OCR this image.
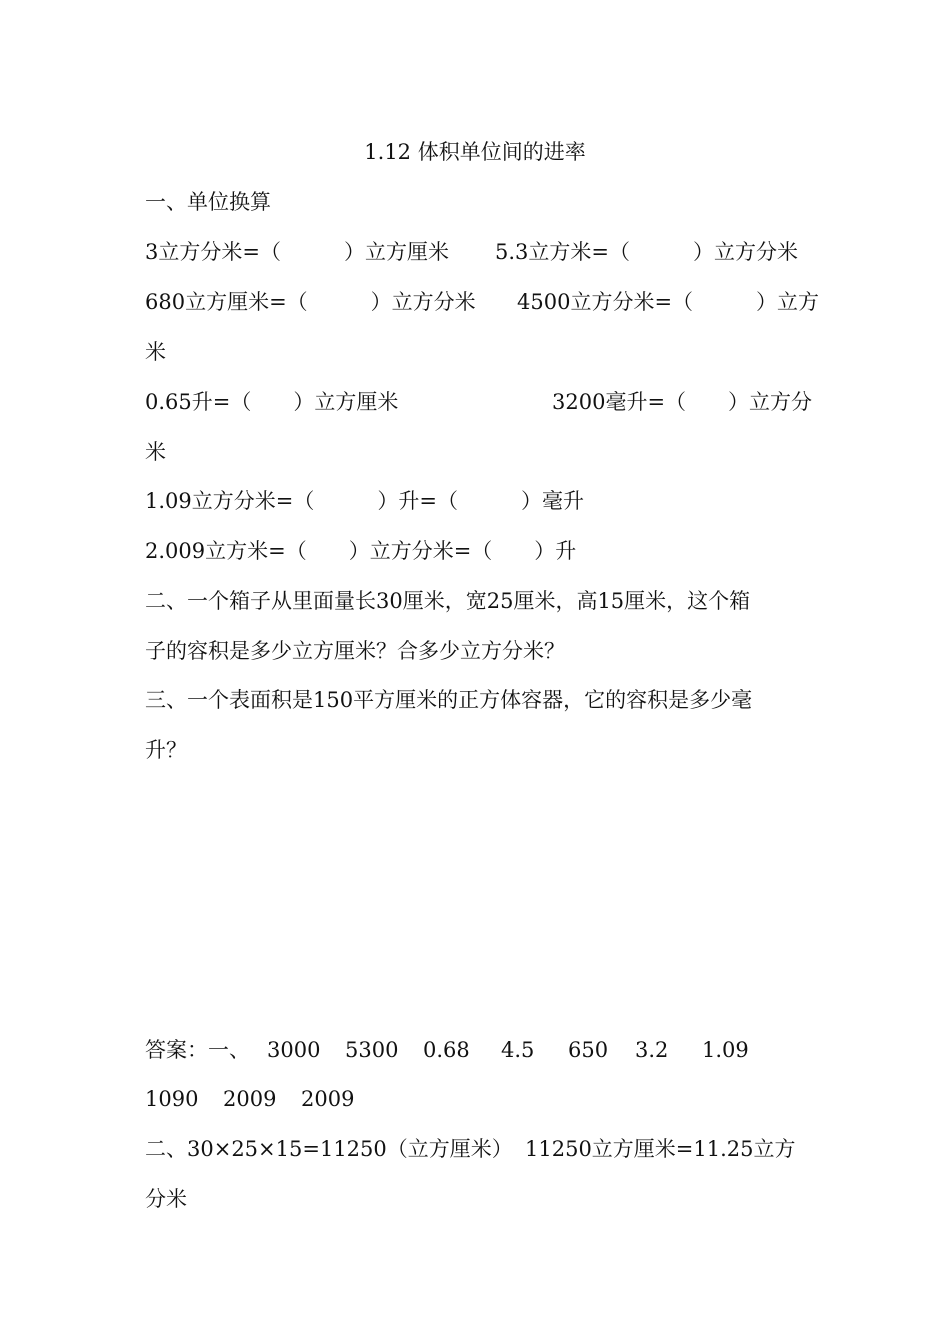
1.12 体积单位间的进率
一、单位换算

3立方分米=（　　　）立方厘米

5.3立方米=（　　　）立方分米

680立方厘米=（　　　）立方分米

4500立方分米=（　　　）立方

米

0.65升=（　　）立方厘米

	3200毫升=（　　）立方分

米
1.09立方分米=（　　　）升=（　　　）毫升
2.009立方米=（　　）立方分米=（　　）升
二、一个箱子从里面量长30厘米，宽25厘米，高15厘米，这个箱
子的容积是多少立方厘米？合多少立方分米？
三、一个表面积是150平方厘米的正方体容器，它的容积是多少毫
升？

答案：一、

3000

5300

0.68

4.5

650

3.2

1.09

1090

2009

2009

二、30×25×15=11250（立方厘米）

11250立方厘米=11.25立方

分米
